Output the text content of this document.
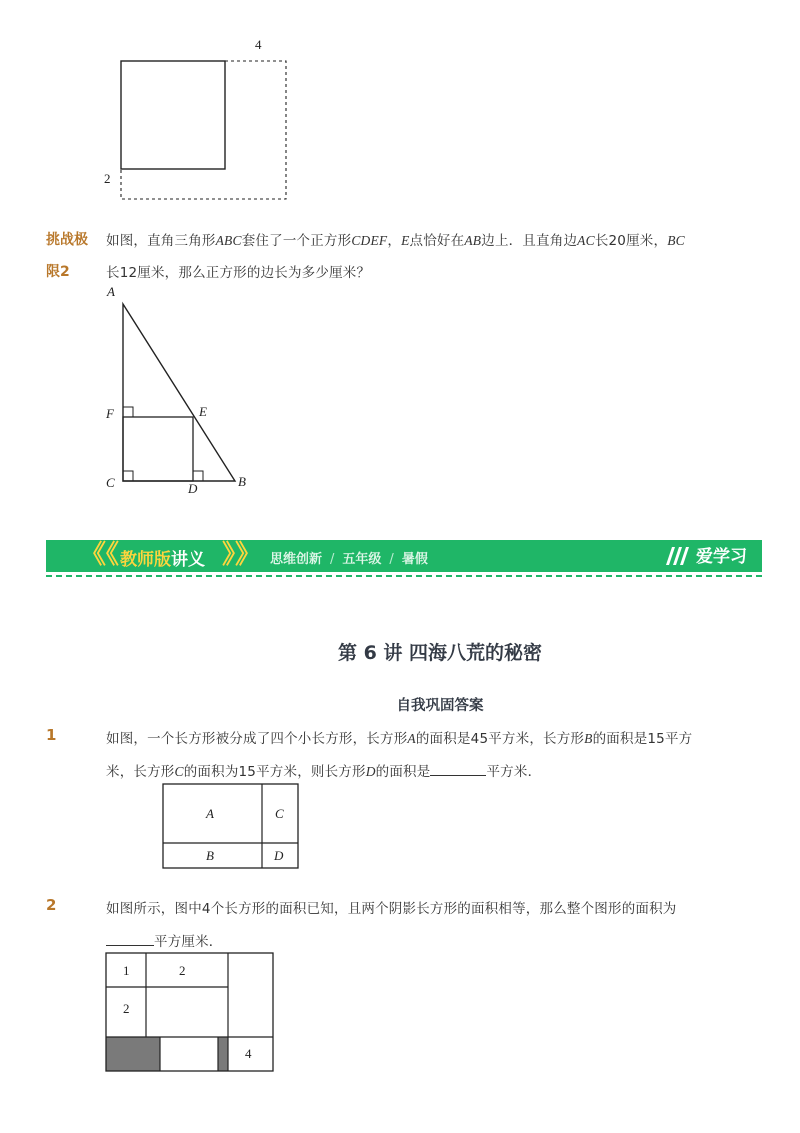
4
2
挑战极
限2
如图，直角三角形ABC套住了一个正方形CDEF，E点恰好在AB边上．且直角边AC长20厘米，BC
长12厘米，那么正方形的边长为多少厘米？
A
B
C	D
E
F
《《 教师版讲义 》》 思维创新 / 五年级 / 暑假	爱学习
第 6 讲 四海八荒的秘密
自我巩固答案
1	如图，一个长方形被分成了四个小长方形，长方形A的面积是45平方米，长方形B的面积是15平方
米，长方形C的面积为15平方米，则长方形D的面积是	平方米．
A	C
B	D
2	如图所示，图中4个长方形的面积已知，且两个阴影长方形的面积相等，那么整个图形的面积为
平方厘米．
1	2
2
4
